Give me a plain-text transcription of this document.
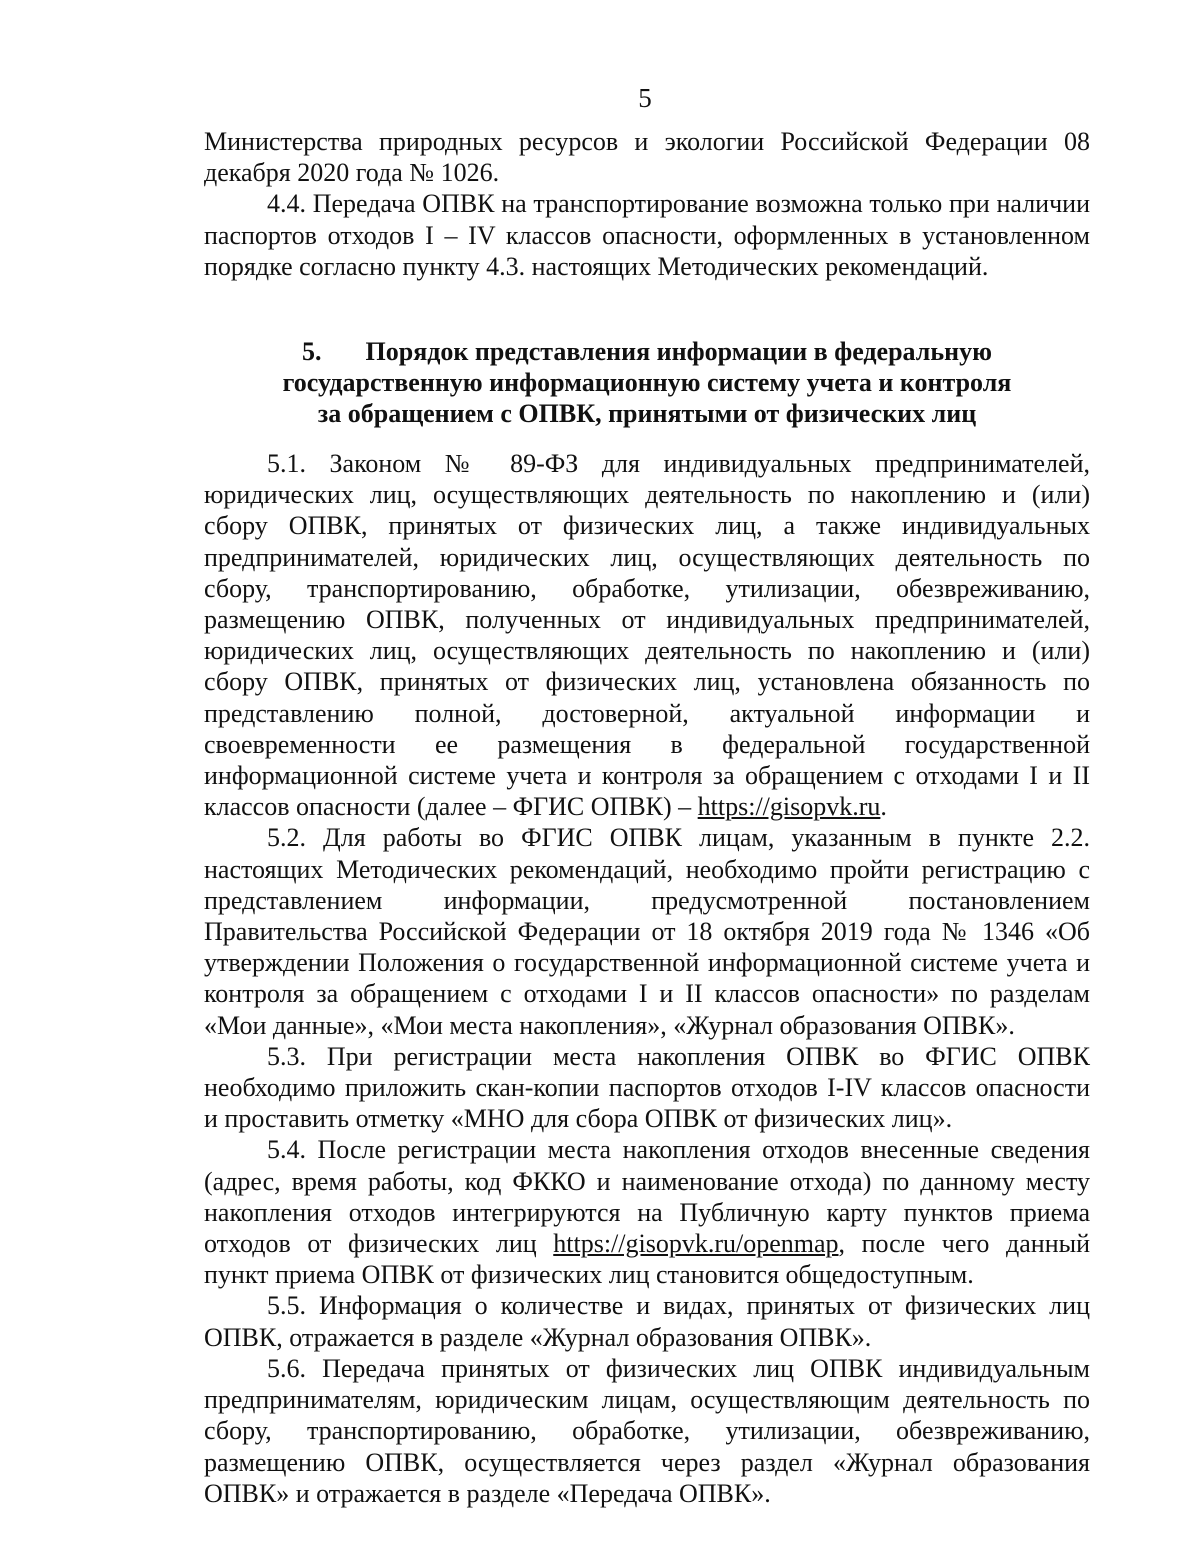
5

Министерства природных ресурсов и экологии Российской Федерации 08 декабря 2020 года № 1026.

4.4. Передача ОПВК на транспортирование возможна только при наличии паспортов отходов I – IV классов опасности, оформленных в установленном порядке согласно пункту 4.3. настоящих Методических рекомендаций.

5. Порядок представления информации в федеральную
государственную информационную систему учета и контроля
за обращением с ОПВК, принятыми от физических лиц

5.1. Законом № 89-ФЗ для индивидуальных предпринимателей, юридических лиц, осуществляющих деятельность по накоплению и (или) сбору ОПВК, принятых от физических лиц, а также индивидуальных предпринимателей, юридических лиц, осуществляющих деятельность по сбору, транспортированию, обработке, утилизации, обезвреживанию, размещению ОПВК, полученных от индивидуальных предпринимателей, юридических лиц, осуществляющих деятельность по накоплению и (или) сбору ОПВК, принятых от физических лиц, установлена обязанность по представлению полной, достоверной, актуальной информации и своевременности ее размещения в федеральной государственной информационной системе учета и контроля за обращением с отходами I и II классов опасности (далее – ФГИС ОПВК) – https://gisopvk.ru.

5.2. Для работы во ФГИС ОПВК лицам, указанным в пункте 2.2. настоящих Методических рекомендаций, необходимо пройти регистрацию с представлением информации, предусмотренной постановлением Правительства Российской Федерации от 18 октября 2019 года № 1346 «Об утверждении Положения о государственной информационной системе учета и контроля за обращением с отходами I и II классов опасности» по разделам «Мои данные», «Мои места накопления», «Журнал образования ОПВК».

5.3. При регистрации места накопления ОПВК во ФГИС ОПВК необходимо приложить скан-копии паспортов отходов I-IV классов опасности и проставить отметку «МНО для сбора ОПВК от физических лиц».

5.4. После регистрации места накопления отходов внесенные сведения (адрес, время работы, код ФККО и наименование отхода) по данному месту накопления отходов интегрируются на Публичную карту пунктов приема отходов от физических лиц https://gisopvk.ru/openmap, после чего данный пункт приема ОПВК от физических лиц становится общедоступным.

5.5. Информация о количестве и видах, принятых от физических лиц ОПВК, отражается в разделе «Журнал образования ОПВК».

5.6. Передача принятых от физических лиц ОПВК индивидуальным предпринимателям, юридическим лицам, осуществляющим деятельность по сбору, транспортированию, обработке, утилизации, обезвреживанию, размещению ОПВК, осуществляется через раздел «Журнал образования ОПВК» и отражается в разделе «Передача ОПВК».
